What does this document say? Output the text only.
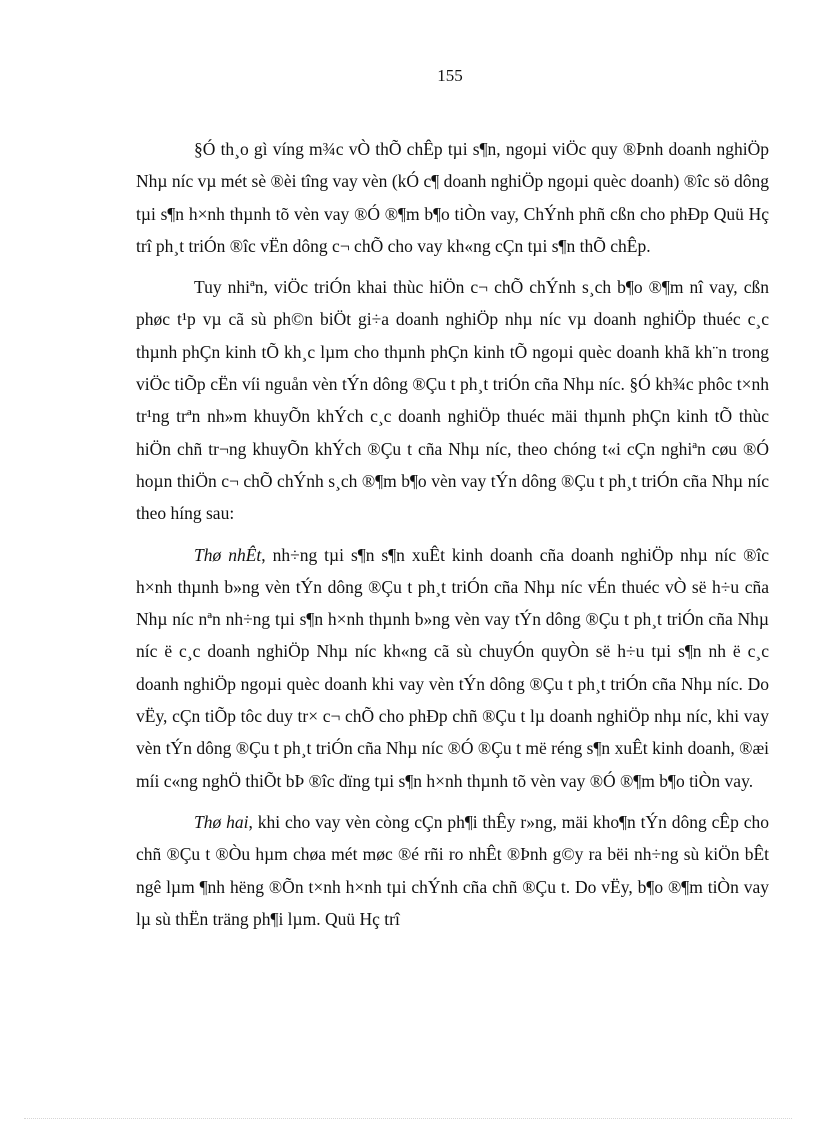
155

§Ó th¸o gì víng m¾c vÒ thÕ chÊp tµi s¶n, ngoµi viÖc quy ®Þnh doanh nghiÖp Nhµ níc vµ mét sè ®èi tîng vay vèn (kÓ c¶ doanh nghiÖp ngoµi quèc doanh) ®îc sö dông tµi s¶n h×nh thµnh tõ vèn vay ®Ó ®¶m b¶o tiÒn vay, ChÝnh phñ cßn cho phÐp Quü Hç trî ph¸t triÓn ®îc vËn dông c¬ chÕ cho vay kh«ng cÇn tµi s¶n thÕ chÊp.

Tuy nhiªn, viÖc triÓn khai thùc hiÖn c¬ chÕ chÝnh s¸ch b¶o ®¶m nî vay, cßn phøc t¹p vµ cã sù ph©n biÖt gi÷a doanh nghiÖp nhµ níc vµ doanh nghiÖp thuéc c¸c thµnh phÇn kinh tÕ kh¸c lµm cho thµnh phÇn kinh tÕ ngoµi quèc doanh khã kh¨n trong viÖc tiÕp cËn víi nguån vèn tÝn dông ®Çu t ph¸t triÓn cña Nhµ níc. §Ó kh¾c phôc t×nh tr¹ng trªn nh»m khuyÕn khÝch c¸c doanh nghiÖp thuéc mäi thµnh phÇn kinh tÕ thùc hiÖn chñ tr¬ng khuyÕn khÝch ®Çu t cña Nhµ níc, theo chóng t«i cÇn nghiªn cøu ®Ó hoµn thiÖn c¬ chÕ chÝnh s¸ch ®¶m b¶o vèn vay tÝn dông ®Çu t ph¸t triÓn cña Nhµ níc theo híng sau:

Thø nhÊt, nh÷ng tµi s¶n s¶n xuÊt kinh doanh cña doanh nghiÖp nhµ níc ®îc h×nh thµnh b»ng vèn tÝn dông ®Çu t ph¸t triÓn cña Nhµ níc vÉn thuéc vÒ së h÷u cña Nhµ níc nªn nh÷ng tµi s¶n h×nh thµnh b»ng vèn vay tÝn dông ®Çu t ph¸t triÓn cña Nhµ níc ë c¸c doanh nghiÖp Nhµ níc kh«ng cã sù chuyÓn quyÒn së h÷u tµi s¶n nh ë c¸c doanh nghiÖp ngoµi quèc doanh khi vay vèn tÝn dông ®Çu t ph¸t triÓn cña Nhµ níc. Do vËy, cÇn tiÕp tôc duy tr× c¬ chÕ cho phÐp chñ ®Çu t lµ doanh nghiÖp nhµ níc, khi vay vèn tÝn dông ®Çu t ph¸t triÓn cña Nhµ níc ®Ó ®Çu t më réng s¶n xuÊt kinh doanh, ®æi míi c«ng nghÖ thiÕt bÞ ®îc dïng tµi s¶n h×nh thµnh tõ vèn vay ®Ó ®¶m b¶o tiÒn vay.

Thø hai, khi cho vay vèn còng cÇn ph¶i thÊy r»ng, mäi kho¶n tÝn dông cÊp cho chñ ®Çu t ®Òu hµm chøa mét møc ®é rñi ro nhÊt ®Þnh g©y ra bëi nh÷ng sù kiÖn bÊt ngê lµm ¶nh hëng ®Õn t×nh h×nh tµi chÝnh cña chñ ®Çu t. Do vËy, b¶o ®¶m tiÒn vay lµ sù thËn träng ph¶i lµm. Quü Hç trî
